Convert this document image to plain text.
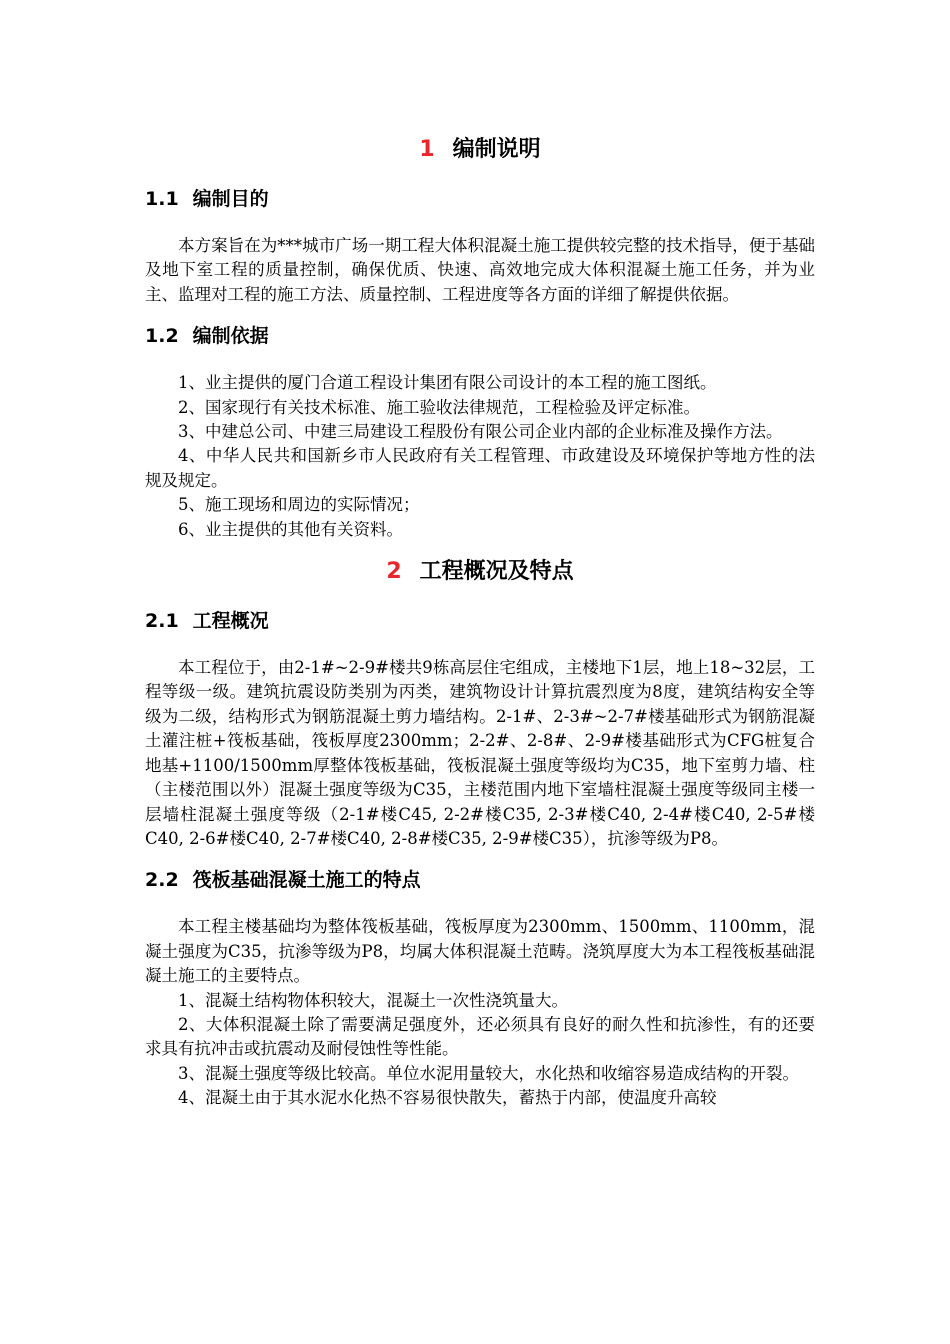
1 编制说明
1.1 编制目的

本方案旨在为***城市广场一期工程大体积混凝土施工提供较完整的技术指导，便于基础及地下室工程的质量控制，确保优质、快速、高效地完成大体积混凝土施工任务，并为业主、监理对工程的施工方法、质量控制、工程进度等各方面的详细了解提供依据。

1.2 编制依据

1、业主提供的厦门合道工程设计集团有限公司设计的本工程的施工图纸。

2、国家现行有关技术标准、施工验收法律规范，工程检验及评定标准。

3、中建总公司、中建三局建设工程股份有限公司企业内部的企业标准及操作方法。

4、中华人民共和国新乡市人民政府有关工程管理、市政建设及环境保护等地方性的法规及规定。

5、施工现场和周边的实际情况；

6、业主提供的其他有关资料。

2 工程概况及特点
2.1 工程概况

本工程位于，由2-1#~2-9#楼共9栋高层住宅组成，主楼地下1层，地上18~32层，工程等级一级。建筑抗震设防类别为丙类，建筑物设计计算抗震烈度为8度，建筑结构安全等级为二级，结构形式为钢筋混凝土剪力墙结构。2-1#、2-3#~2-7#楼基础形式为钢筋混凝土灌注桩+筏板基础，筏板厚度2300mm；2-2#、2-8#、2-9#楼基础形式为CFG桩复合地基+1100/1500mm厚整体筏板基础，筏板混凝土强度等级均为C35，地下室剪力墙、柱（主楼范围以外）混凝土强度等级为C35，主楼范围内地下室墙柱混凝土强度等级同主楼一层墙柱混凝土强度等级（2-1#楼C45, 2-2#楼C35, 2-3#楼C40, 2-4#楼C40, 2-5#楼C40, 2-6#楼C40, 2-7#楼C40, 2-8#楼C35, 2-9#楼C35），抗渗等级为P8。

2.2 筏板基础混凝土施工的特点

本工程主楼基础均为整体筏板基础，筏板厚度为2300mm、1500mm、1100mm，混凝土强度为C35，抗渗等级为P8，均属大体积混凝土范畴。浇筑厚度大为本工程筏板基础混凝土施工的主要特点。

1、混凝土结构物体积较大，混凝土一次性浇筑量大。

2、大体积混凝土除了需要满足强度外，还必须具有良好的耐久性和抗渗性，有的还要求具有抗冲击或抗震动及耐侵蚀性等性能。

3、混凝土强度等级比较高。单位水泥用量较大，水化热和收缩容易造成结构的开裂。

4、混凝土由于其水泥水化热不容易很快散失，蓄热于内部，使温度升高较
